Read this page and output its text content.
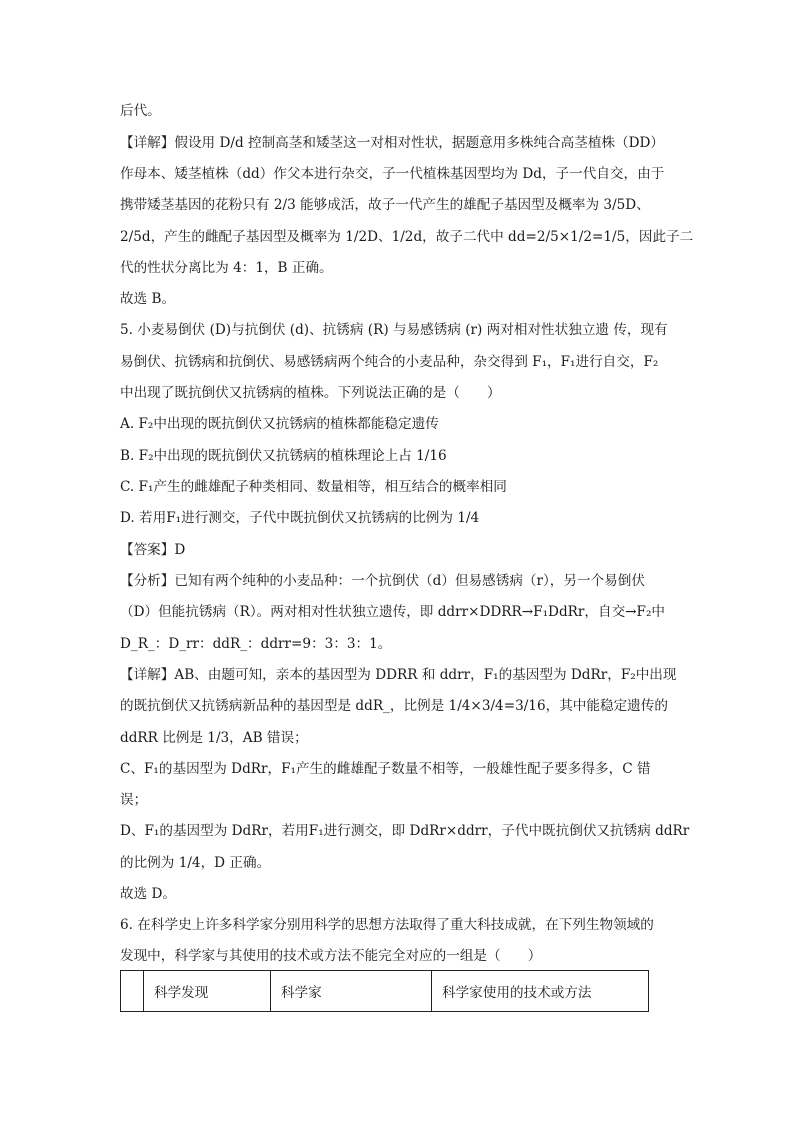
后代。
【详解】假设用 D/d 控制高茎和矮茎这一对相对性状，据题意用多株纯合高茎植株（DD）
作母本、矮茎植株（dd）作父本进行杂交，子一代植株基因型均为 Dd，子一代自交，由于
携带矮茎基因的花粉只有 2/3 能够成活，故子一代产生的雄配子基因型及概率为 3/5D、
2/5d，产生的雌配子基因型及概率为 1/2D、1/2d，故子二代中 dd=2/5×1/2=1/5，因此子二
代的性状分离比为 4：1，B 正确。
故选 B。
5. 小麦易倒伏 (D)与抗倒伏 (d)、抗锈病 (R) 与易感锈病 (r) 两对相对性状独立遗 传，现有
易倒伏、抗锈病和抗倒伏、易感锈病两个纯合的小麦品种，杂交得到 F₁，F₁进行自交，F₂
中出现了既抗倒伏又抗锈病的植株。下列说法正确的是（　　）
A. F₂中出现的既抗倒伏又抗锈病的植株都能稳定遗传
B. F₂中出现的既抗倒伏又抗锈病的植株理论上占 1/16
C. F₁产生的雌雄配子种类相同、数量相等，相互结合的概率相同
D. 若用F₁进行测交，子代中既抗倒伏又抗锈病的比例为 1/4
【答案】D
【分析】已知有两个纯种的小麦品种：一个抗倒伏（d）但易感锈病（r），另一个易倒伏
（D）但能抗锈病（R）。两对相对性状独立遗传，即 ddrr×DDRR→F₁DdRr，自交→F₂中
D_R_：D_rr：ddR_：ddrr=9：3：3：1。
【详解】AB、由题可知，亲本的基因型为 DDRR 和 ddrr，F₁的基因型为 DdRr，F₂中出现
的既抗倒伏又抗锈病新品种的基因型是 ddR_，比例是 1/4×3/4=3/16，其中能稳定遗传的
ddRR 比例是 1/3，AB 错误；
C、F₁的基因型为 DdRr，F₁产生的雌雄配子数量不相等，一般雄性配子要多得多，C 错
误；
D、F₁的基因型为 DdRr，若用F₁进行测交，即 DdRr×ddrr，子代中既抗倒伏又抗锈病 ddRr
的比例为 1/4，D 正确。
故选 D。
6. 在科学史上许多科学家分别用科学的思想方法取得了重大科技成就，在下列生物领域的
发现中，科学家与其使用的技术或方法不能完全对应的一组是（　　）
	科学发现	科学家	科学家使用的技术或方法
